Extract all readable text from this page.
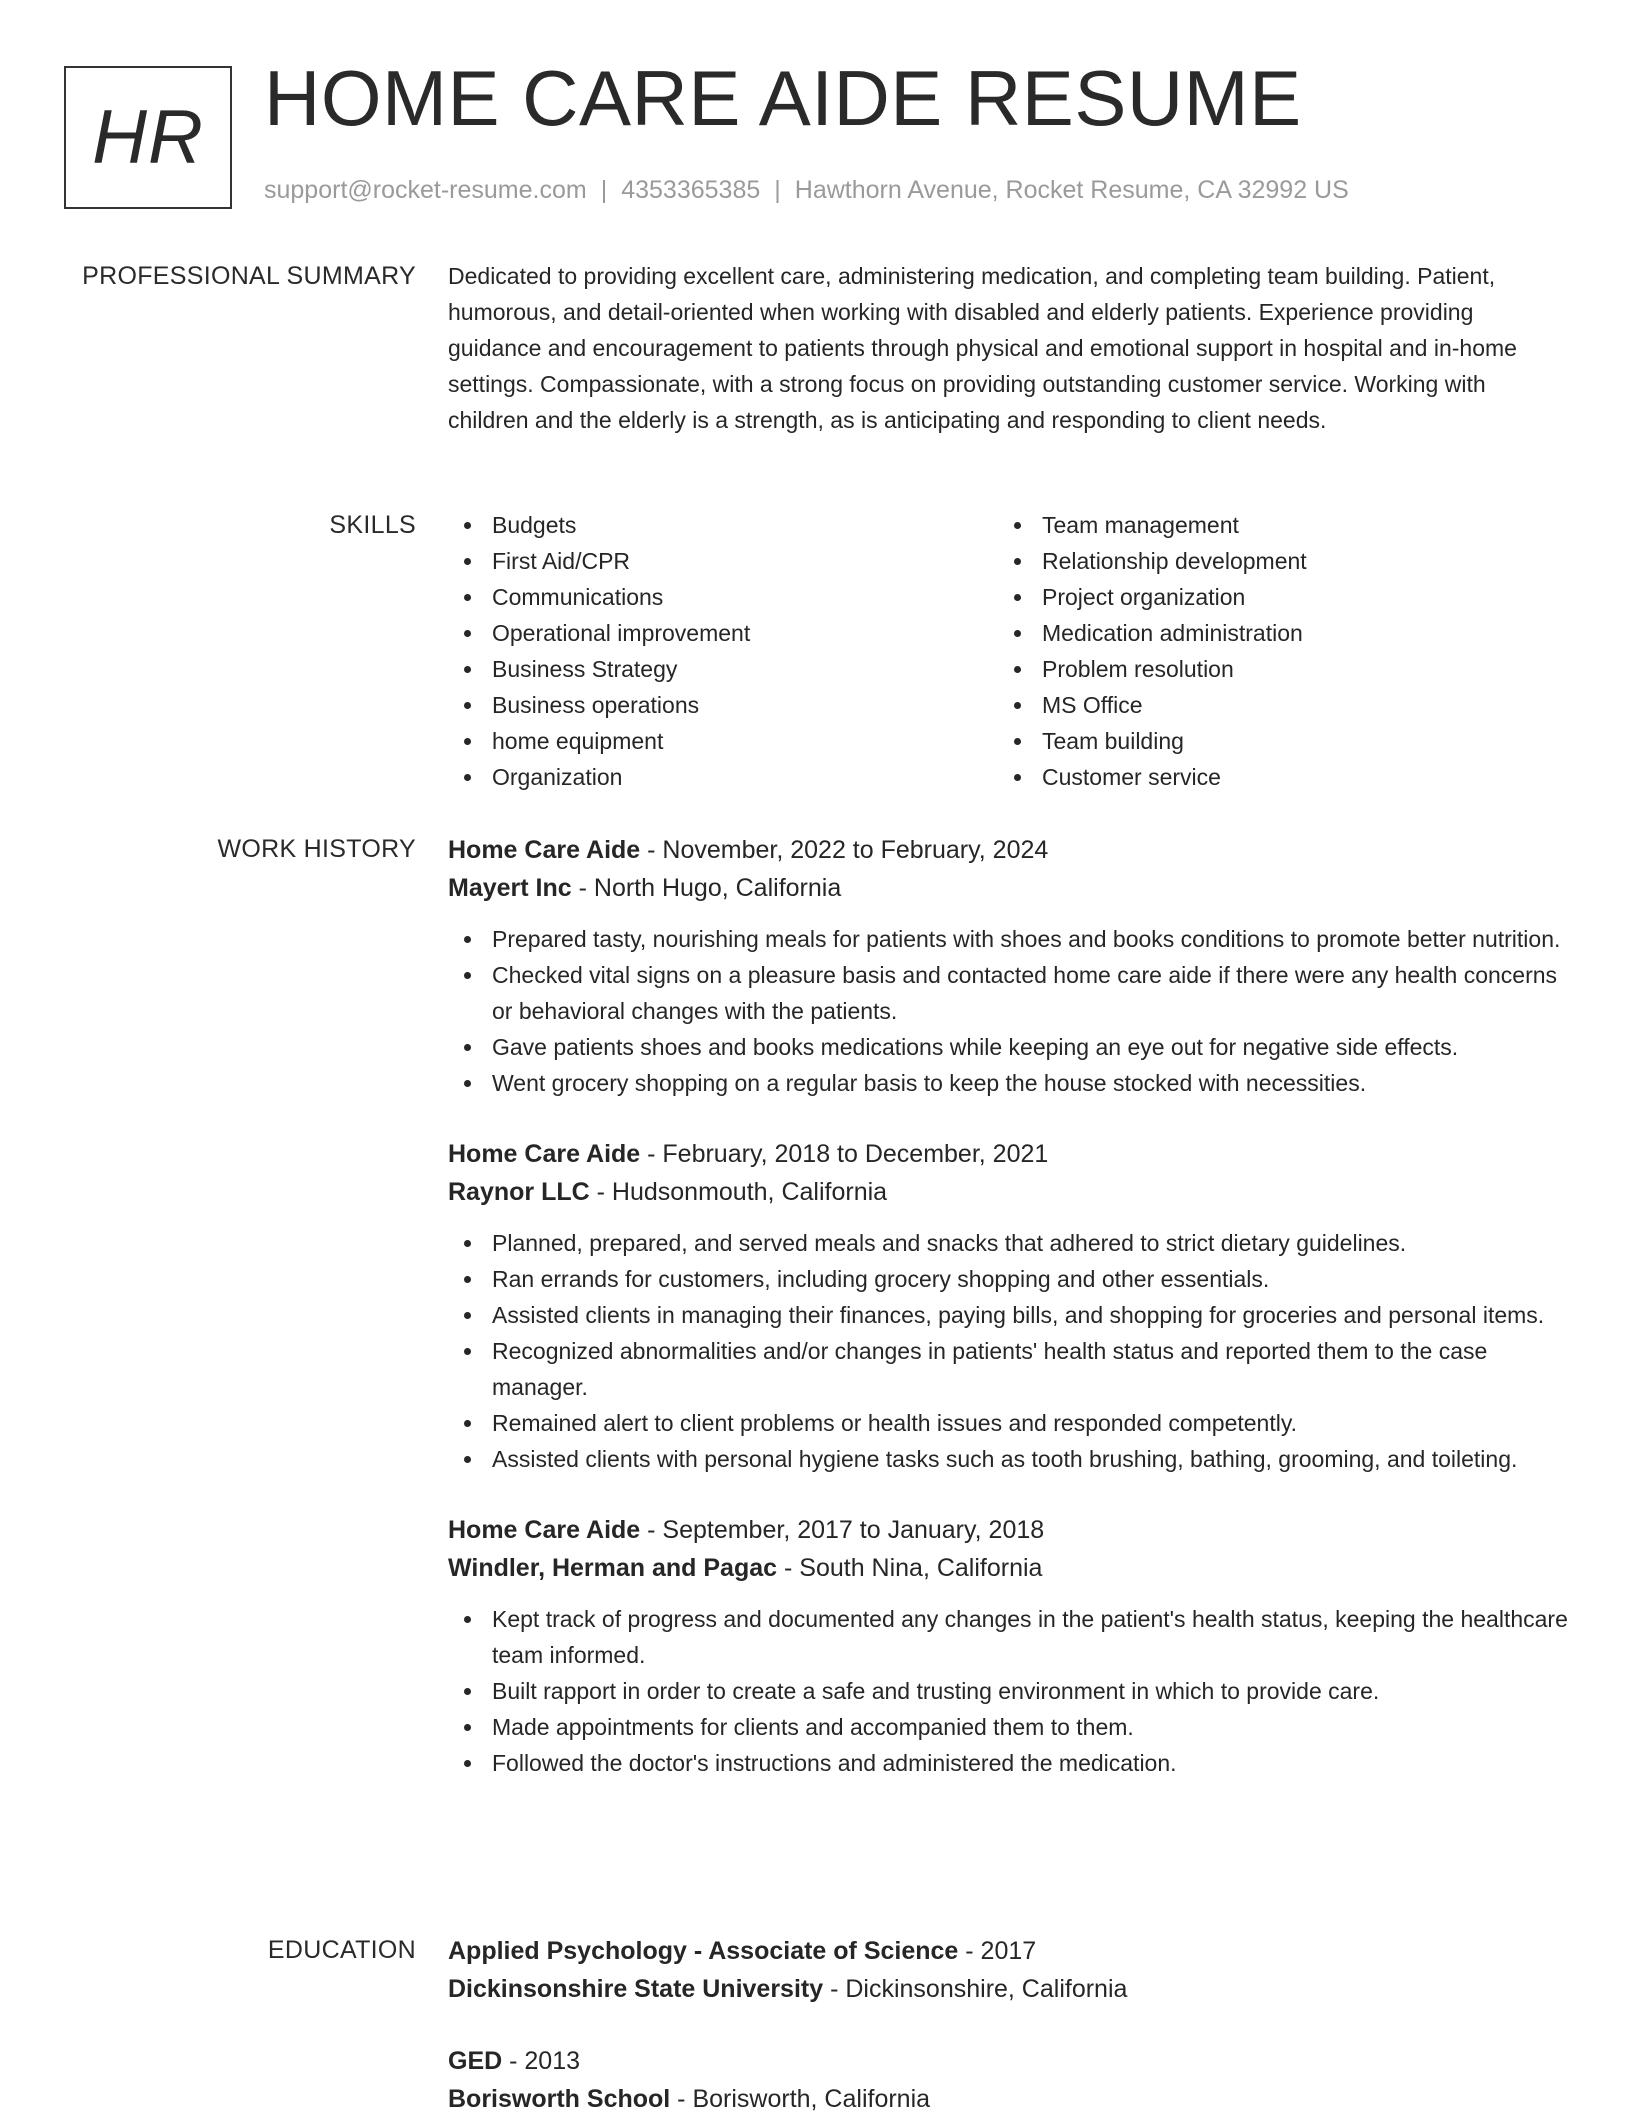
HR HOME CARE AIDE RESUME
support@rocket-resume.com | 4353365385 | Hawthorn Avenue, Rocket Resume, CA 32992 US
PROFESSIONAL SUMMARY Dedicated to providing excellent care, administering medication, and completing team building. Patient, humorous, and detail-oriented when working with disabled and elderly patients. Experience providing guidance and encouragement to patients through physical and emotional support in hospital and in-home settings. Compassionate, with a strong focus on providing outstanding customer service. Working with children and the elderly is a strength, as is anticipating and responding to client needs.

SKILLS	Budgets
First Aid/CPR
Communications
Operational improvement
Business Strategy
Business operations
home equipment
Organization
Team management
Relationship development
Project organization
Medication administration
Problem resolution
MS Office
Team building
Customer service
WORK HISTORY Home Care Aide - November, 2022 to February, 2024
Mayert Inc - North Hugo, California
Prepared tasty, nourishing meals for patients with shoes and books conditions to promote better nutrition.
Checked vital signs on a pleasure basis and contacted home care aide if there were any health concerns or behavioral changes with the patients.
Gave patients shoes and books medications while keeping an eye out for negative side effects.
Went grocery shopping on a regular basis to keep the house stocked with necessities.
Home Care Aide - February, 2018 to December, 2021
Raynor LLC - Hudsonmouth, California
Planned, prepared, and served meals and snacks that adhered to strict dietary guidelines.
Ran errands for customers, including grocery shopping and other essentials.
Assisted clients in managing their finances, paying bills, and shopping for groceries and personal items.
Recognized abnormalities and/or changes in patients' health status and reported them to the case manager.
Remained alert to client problems or health issues and responded competently.
Assisted clients with personal hygiene tasks such as tooth brushing, bathing, grooming, and toileting.
Home Care Aide - September, 2017 to January, 2018
Windler, Herman and Pagac - South Nina, California
Kept track of progress and documented any changes in the patient's health status, keeping the healthcare team informed.
Built rapport in order to create a safe and trusting environment in which to provide care.
Made appointments for clients and accompanied them to them.
Followed the doctor's instructions and administered the medication.
EDUCATION Applied Psychology - Associate of Science - 2017
Dickinsonshire State University - Dickinsonshire, California
GED - 2013
Borisworth School - Borisworth, California
